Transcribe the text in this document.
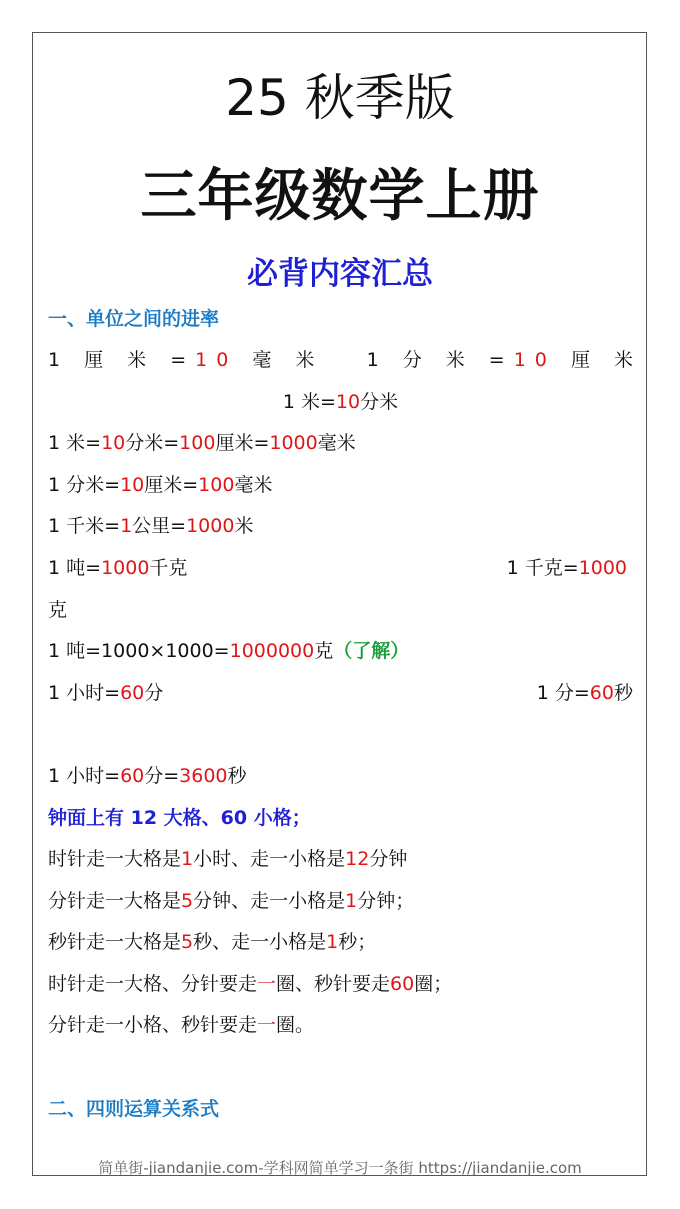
25 秋季版
三年级数学上册
必背内容汇总
一、单位之间的进率
1 厘 米 =10 毫 米 1 分 米 =10 厘 米
1 米=10分米
1 米=10分米=100厘米=1000毫米
1 分米=10厘米=100毫米
1 千米=1公里=1000米
1 吨=1000千克	1 千克=1000
克
1 吨=1000×1000=1000000克（了解）
1 小时=60分	1 分=60秒
1 小时=60分=3600秒
钟面上有 12 大格、60 小格；
时针走一大格是1小时、走一小格是12分钟
分针走一大格是5分钟、走一小格是1分钟；
秒针走一大格是5秒、走一小格是1秒；
时针走一大格、分针要走一圈、秒针要走60圈；
分针走一小格、秒针要走一圈。
二、四则运算关系式
简单街-jiandanjie.com-学科网简单学习一条街 https://jiandanjie.com
